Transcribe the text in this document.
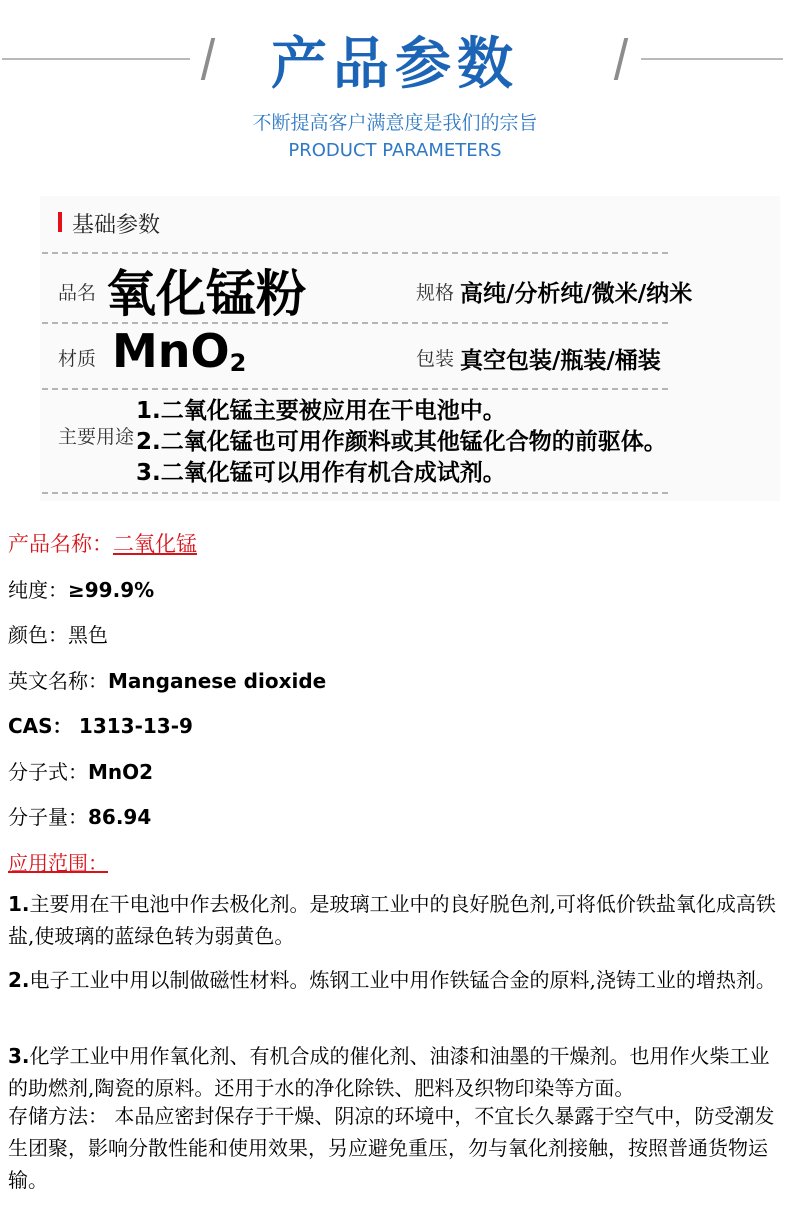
产品参数
不断提高客户满意度是我们的宗旨
PRODUCT PARAMETERS
基础参数
品名 氧化锰粉	规格 高纯/分析纯/微米/纳米
材质 MnO$_2$	包装 真空包装/瓶装/桶装
主要用途
1.二氧化锰主要被应用在干电池中。
2.二氧化锰也可用作颜料或其他锰化合物的前驱体。
3.二氧化锰可以用作有机合成试剂。
产品名称：二氧化锰
纯度：≥99.9%
颜色：黑色
英文名称：Manganese dioxide
CAS： 1313-13-9
分子式：MnO2
分子量：86.94
应用范围：
1.主要用在干电池中作去极化剂。是玻璃工业中的良好脱色剂,可将低价铁盐氧化成高铁盐,使玻璃的蓝绿色转为弱黄色。
2.电子工业中用以制做磁性材料。炼钢工业中用作铁锰合金的原料,浇铸工业的增热剂。
3.化学工业中用作氧化剂、有机合成的催化剂、油漆和油墨的干燥剂。也用作火柴工业的助燃剂,陶瓷的原料。还用于水的净化除铁、肥料及织物印染等方面。
存储方法： 本品应密封保存于干燥、阴凉的环境中，不宜长久暴露于空气中，防受潮发生团聚，影响分散性能和使用效果，另应避免重压，勿与氧化剂接触，按照普通货物运输。
